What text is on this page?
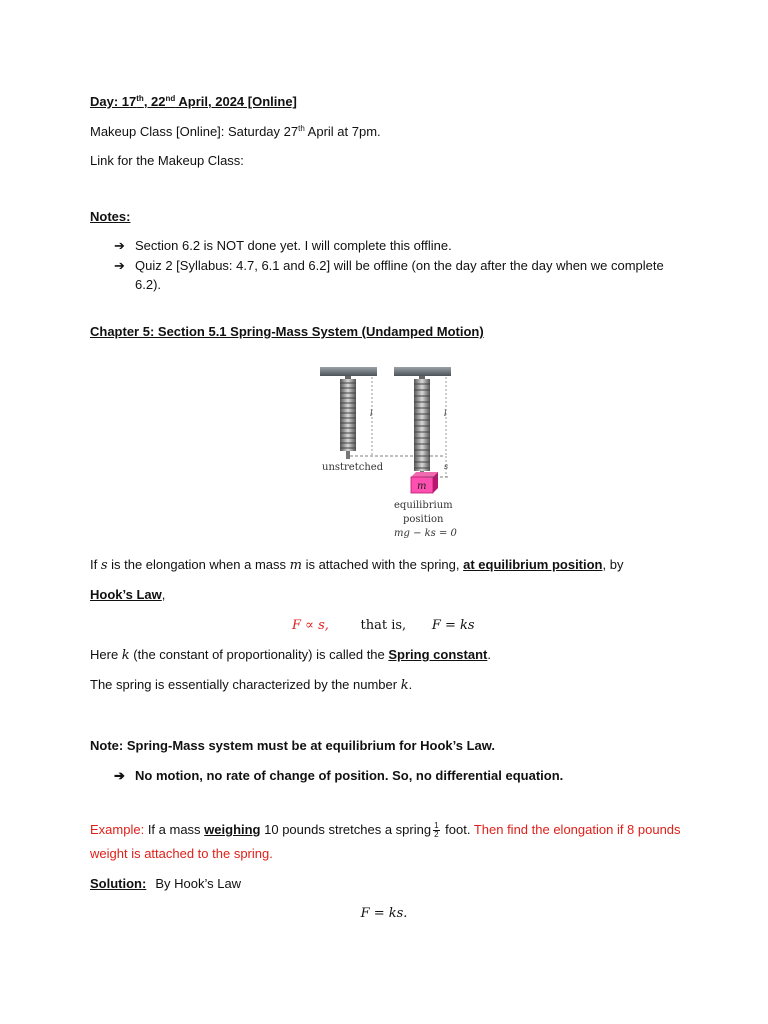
Day: 17th, 22nd April, 2024 [Online]
Makeup Class [Online]: Saturday 27th April at 7pm.
Link for the Makeup Class:
Notes:
➔ Section 6.2 is NOT done yet. I will complete this offline.
➔ Quiz 2 [Syllabus: 4.7, 6.1 and 6.2] will be offline (on the day after the day when we complete
6.2).
Chapter 5: Section 5.1 Spring-Mass System (Undamped Motion)
m
l	l
s
unstretched
equilibrium
position
mg − ks = 0
If s is the elongation when a mass m is attached with the spring, at equilibrium position, by
Hook’s Law,
F ∝ s, that is, F = ks
Here k (the constant of proportionality) is called the Spring constant.
The spring is essentially characterized by the number k.
Note: Spring-Mass system must be at equilibrium for Hook’s Law.
➔ No motion, no rate of change of position. So, no differential equation.
Example: If a mass weighing 10 pounds stretches a spring $\frac{1}{2}$ foot. Then find the elongation if 8 pounds
weight is attached to the spring.
Solution: By Hook’s Law
F = ks.
